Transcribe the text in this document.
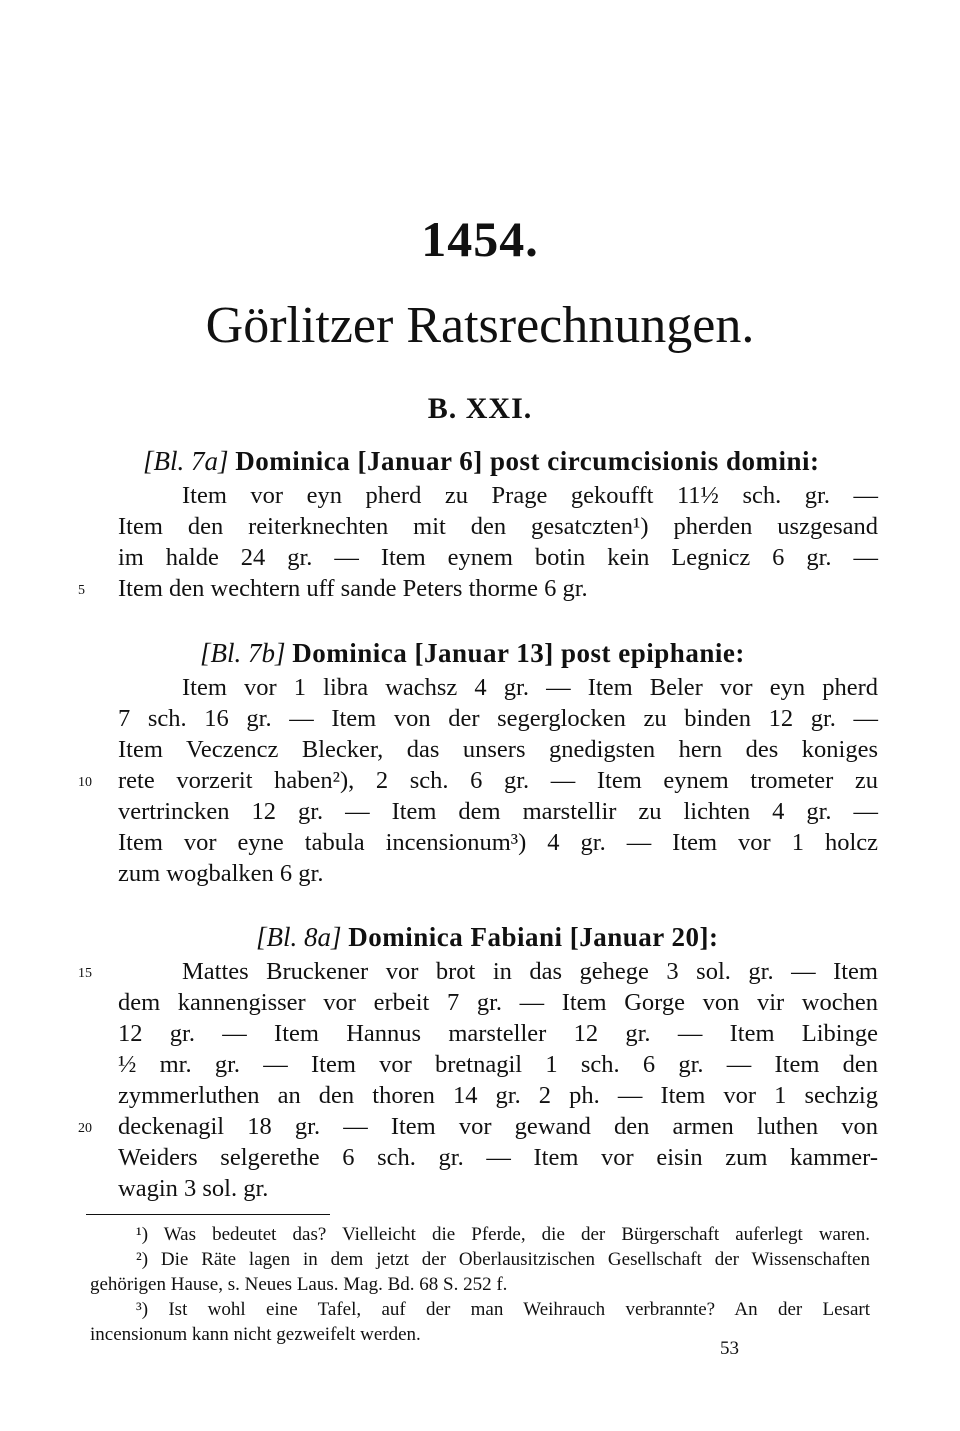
1454.
Görlitzer Ratsrechnungen.
B. XXI.
[Bl. 7a] Dominica [Januar 6] post circumcisionis domini:
Item vor eyn pherd zu Prage gekoufft 11½ sch. gr. —
Item den reiterknechten mit den gesatczten¹) pherden uszgesand
im halde 24 gr. — Item eynem botin kein Legnicz 6 gr. —
5 Item den wechtern uff sande Peters thorme 6 gr.
[Bl. 7b] Dominica [Januar 13] post epiphanie:
Item vor 1 libra wachsz 4 gr. — Item Beler vor eyn pherd
7 sch. 16 gr. — Item von der segerglocken zu binden 12 gr. —
Item Veczencz Blecker, das unsers gnedigsten hern des koniges
10 rete vorzerit haben²), 2 sch. 6 gr. — Item eynem trometer zu
vertrincken 12 gr. — Item dem marstellir zu lichten 4 gr. —
Item vor eyne tabula incensionum³) 4 gr. — Item vor 1 holcz
zum wogbalken 6 gr.
[Bl. 8a] Dominica Fabiani [Januar 20]:
15	Mattes Bruckener vor brot in das gehege 3 sol. gr. — Item
dem kannengisser vor erbeit 7 gr. — Item Gorge von vir wochen
12 gr. — Item Hannus marsteller 12 gr. — Item Libinge
½ mr. gr. — Item vor bretnagil 1 sch. 6 gr. — Item den
zymmerluthen an den thoren 14 gr. 2 ph. — Item vor 1 sechzig
20 deckenagil 18 gr. — Item vor gewand den armen luthen von
Weiders selgerethe 6 sch. gr. — Item vor eisin zum kammer-
wagin 3 sol. gr.
¹) Was bedeutet das? Vielleicht die Pferde, die der Bürgerschaft auferlegt waren.
²) Die Räte lagen in dem jetzt der Oberlausitzischen Gesellschaft der Wissenschaften
gehörigen Hause, s. Neues Laus. Mag. Bd. 68 S. 252 f.
³) Ist wohl eine Tafel, auf der man Weihrauch verbrannte? An der Lesart
incensionum kann nicht gezweifelt werden.
53
